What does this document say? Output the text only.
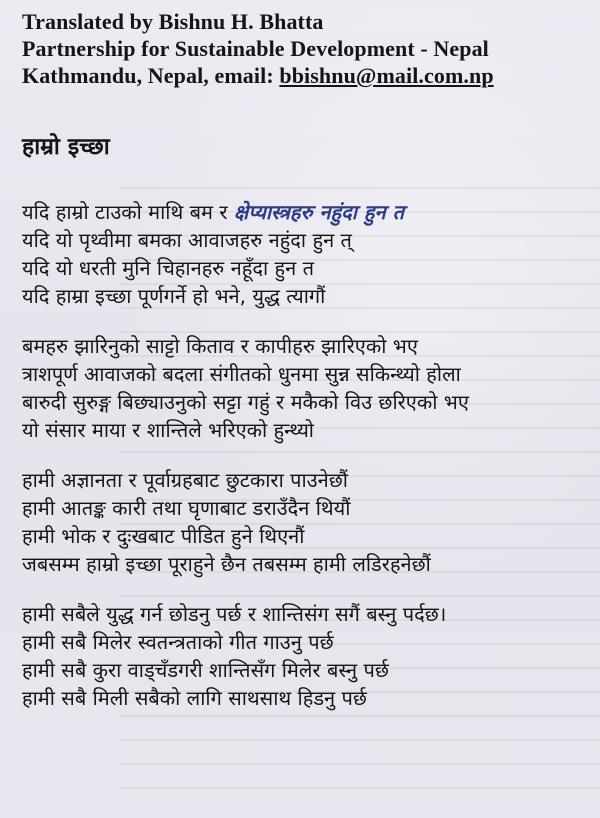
Translated by Bishnu H. Bhatta
Partnership for Sustainable Development - Nepal
Kathmandu, Nepal, email: bbishnu@mail.com.np
हाम्रो इच्छा
यदि हाम्रो टाउको माथि बम र क्षेप्यास्त्रहरु नहुंदा हुन त
यदि यो पृथ्वीमा बमका आवाजहरु नहुंदा हुन त्
यदि यो धरती मुनि चिहानहरु नहूँदा हुन त
यदि हाम्रा इच्छा पूर्णगर्ने हो भने, युद्ध त्यागौं
बमहरु झारिनुको साट्टो किताव र कापीहरु झारिएको भए
त्राशपूर्ण आवाजको बदला संगीतको धुनमा सुन्न सकिन्थ्यो होला
बारुदी सुरुङ्ग बिछ्याउनुको सट्टा गहुं र मकैको विउ छरिएको भए
यो संसार माया र शान्तिले भरिएको हुन्थ्यो
हामी अज्ञानता र पूर्वाग्रहबाट छुटकारा पाउनेछौं
हामी आतङ्क कारी तथा घृणाबाट डराउँदैन थियौं
हामी भोक र दुःखबाट पीडित हुने थिएनौं
जबसम्म हाम्रो इच्छा पूराहुने छैन तबसम्म हामी लडिरहनेछौं
हामी सबैले युद्ध गर्न छोडनु पर्छ र शान्तिसंग सगैं बस्नु पर्दछ।
हामी सबै मिलेर स्वतन्त्रताको गीत गाउनु पर्छ
हामी सबै कुरा वाड्चँडगरी शान्तिसँग मिलेर बस्नु पर्छ
हामी सबै मिली सबैको लागि साथसाथ हिडनु पर्छ
